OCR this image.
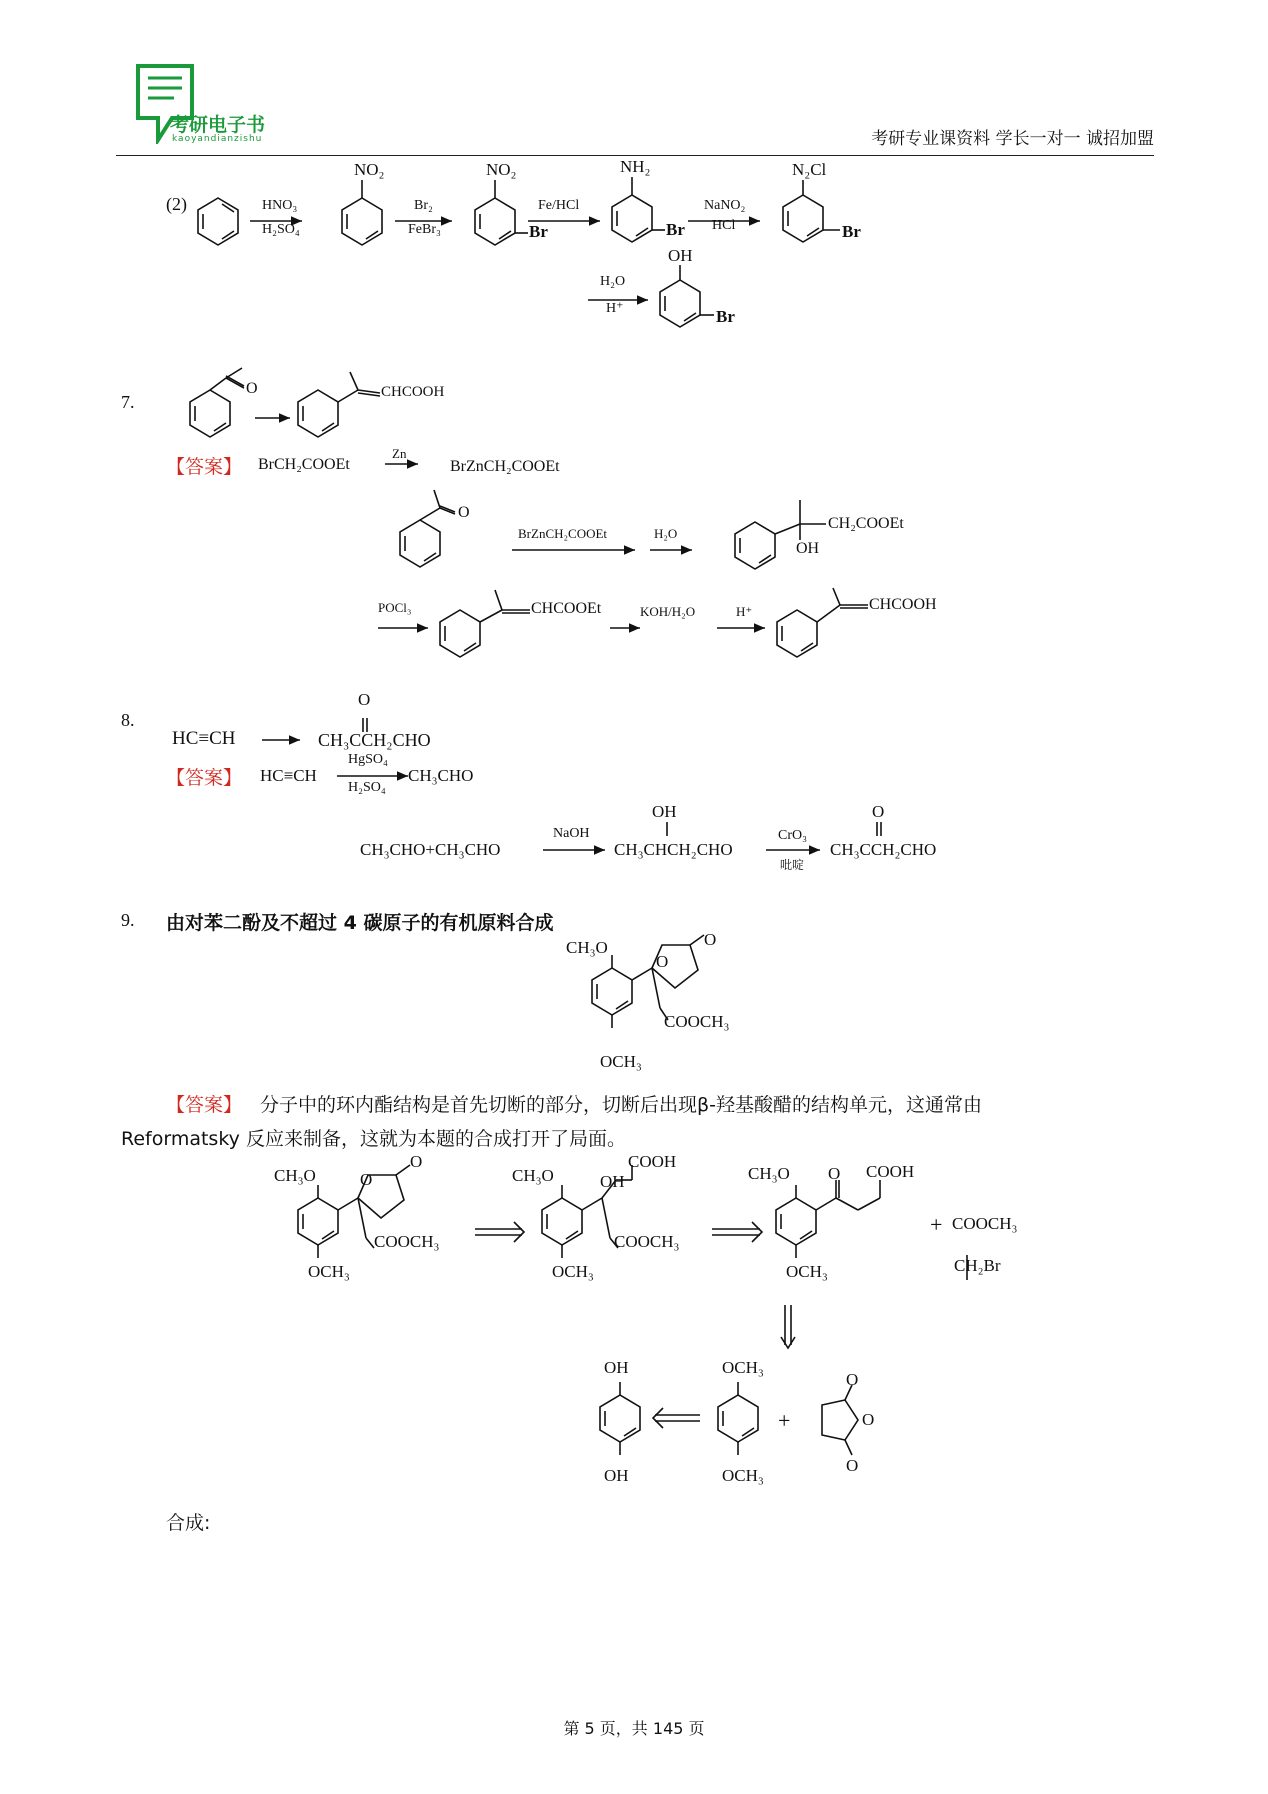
考研电子书
kaoyandianzishu	考研专业课资料 学长一对一 诚招加盟
(2)	HNO₃
H₂SO₄
NO₂
Br₂
FeBr₃
NO₂
Br
Fe/HCl
NH₂
Br
NaNO₂
HCl
N₂Cl
Br
H₂O
H⁺
OH
Br
7.
O	CHCOOH
【答案】 BrCH₂COOEt
Zn
BrZnCH₂COOEt
O
BrZnCH₂COOEt	H₂O
CH₂COOEt
OH
POCl₃	CHCOOEt	KOH/H₂O	H⁺	CHCOOH
8.
HC≡CH
O
CH₃CCH₂CHO
【答案】 HC≡CH
HgSO₄
H₂SO₄
CH₃CHO
CH₃CHO+CH₃CHO
NaOH
OH
CH₃CHCH₂CHO
CrO₃
吡啶
O
CH₃CCH₂CHO
9. 由对苯二酚及不超过 4 碳原子的有机原料合成
CH₃O
O
O
COOCH₃
OCH₃
【答案】 分子中的环内酯结构是首先切断的部分，切断后出现β-羟基酸醋的结构单元，这通常由
Reformatsky 反应来制备，这就为本题的合成打开了局面。
CH₃O	O
O
COOCH₃
OCH₃
CH₃O	OH
COOH
COOCH₃
OCH₃
CH₃O O COOH
OCH₃
+ COOCH₃
CH₂Br
OH
OH
OCH₃
OCH₃
+
O
O
O
合成:
第 5 页，共 145 页
